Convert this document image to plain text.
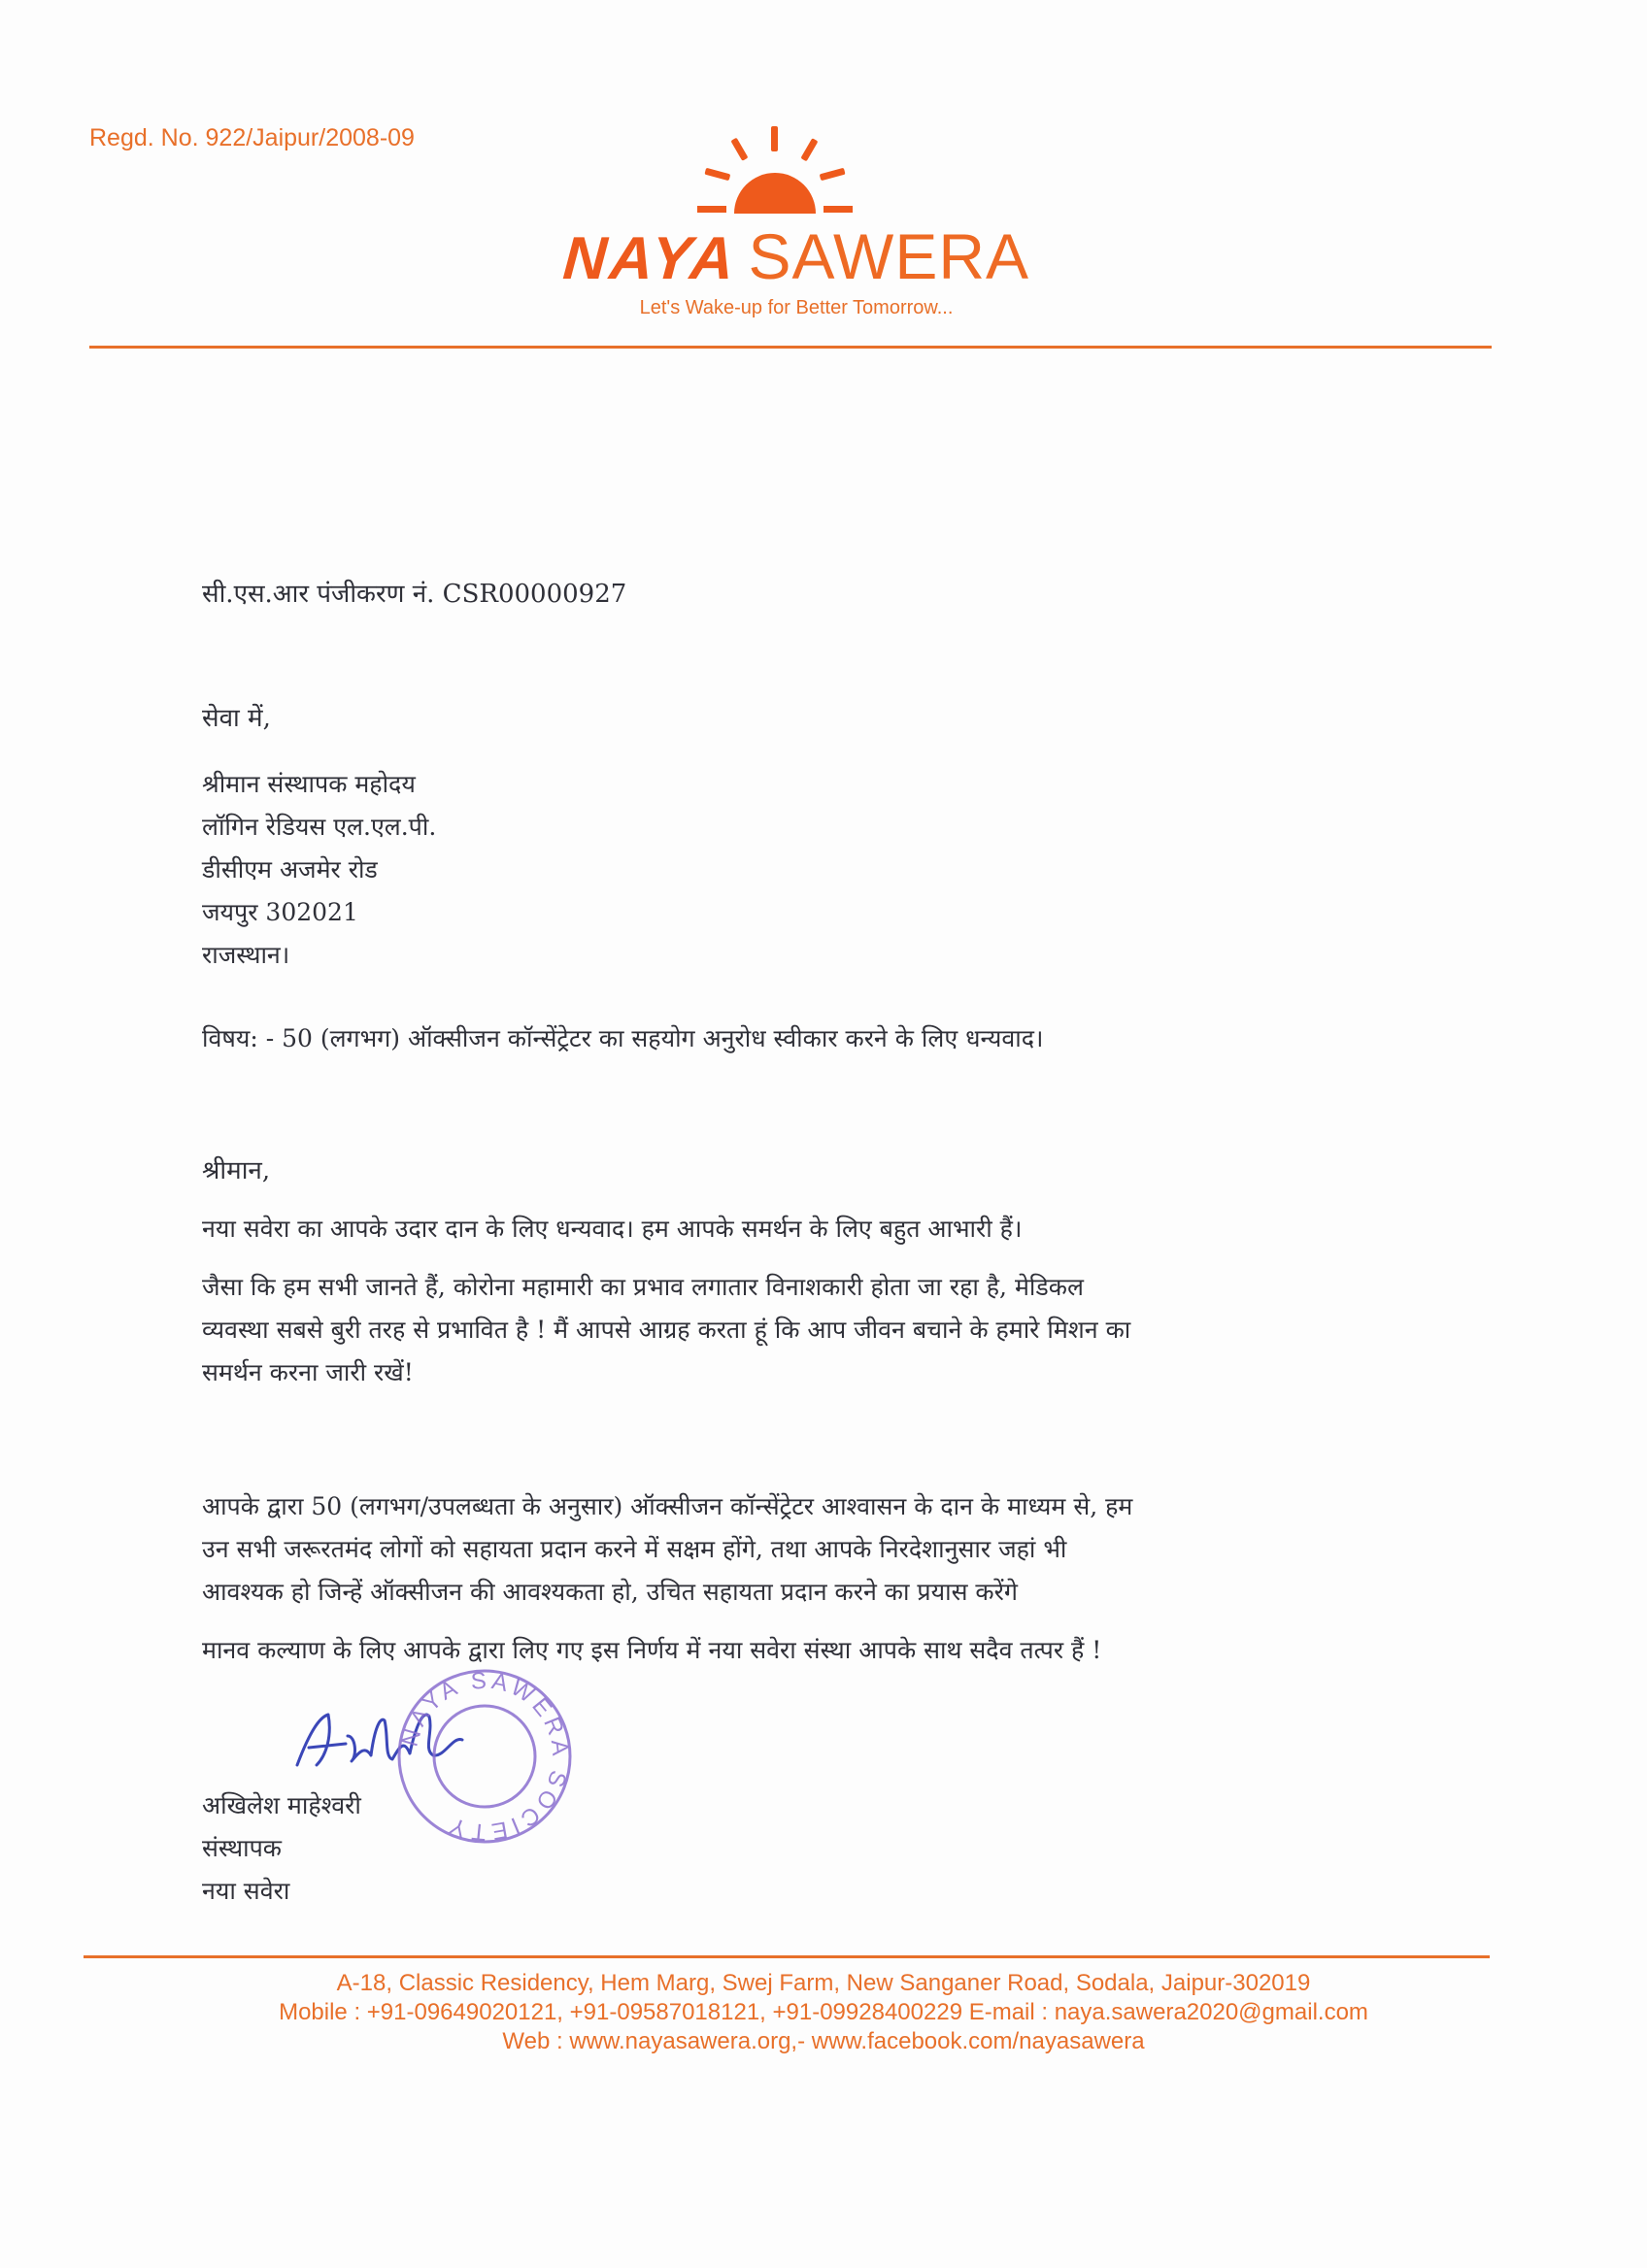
Regd. No. 922/Jaipur/2008-09
NAYA SAWERA
Let's Wake-up for Better Tomorrow...
सी.एस.आर पंजीकरण नं. CSR00000927
सेवा में,

श्रीमान संस्थापक महोदय

लॉगिन रेडियस एल.एल.पी.

डीसीएम अजमेर रोड

जयपुर 302021

राजस्थान।

विषय: - 50 (लगभग) ऑक्सीजन कॉन्सेंट्रेटर का सहयोग अनुरोध स्वीकार करने के लिए धन्यवाद।
श्रीमान,
नया सवेरा का आपके उदार दान के लिए धन्यवाद। हम आपके समर्थन के लिए बहुत आभारी हैं।

जैसा कि हम सभी जानते हैं, कोरोना महामारी का प्रभाव लगातार विनाशकारी होता जा रहा है, मेडिकल

व्यवस्था सबसे बुरी तरह से प्रभावित है ! मैं आपसे आग्रह करता हूं कि आप जीवन बचाने के हमारे मिशन का

समर्थन करना जारी रखें!

आपके द्वारा 50 (लगभग/उपलब्धता के अनुसार) ऑक्सीजन कॉन्सेंट्रेटर आश्वासन के दान के माध्यम से, हम

उन सभी जरूरतमंद लोगों को सहायता प्रदान करने में सक्षम होंगे, तथा आपके निरदेशानुसार जहां भी

आवश्यक हो जिन्हें ऑक्सीजन की आवश्यकता हो, उचित सहायता प्रदान करने का प्रयास करेंगे

मानव कल्याण के लिए आपके द्वारा लिए गए इस निर्णय में नया सवेरा संस्था आपके साथ सदैव तत्पर हैं !
NAYA SAWERA SOCIETY

अखिलेश माहेश्वरी

संस्थापक

नया सवेरा

A-18, Classic Residency, Hem Marg, Swej Farm, New Sanganer Road, Sodala, Jaipur-302019
Mobile : +91-09649020121, +91-09587018121, +91-09928400229 E-mail : naya.sawera2020@gmail.com
Web : www.nayasawera.org,- www.facebook.com/nayasawera
